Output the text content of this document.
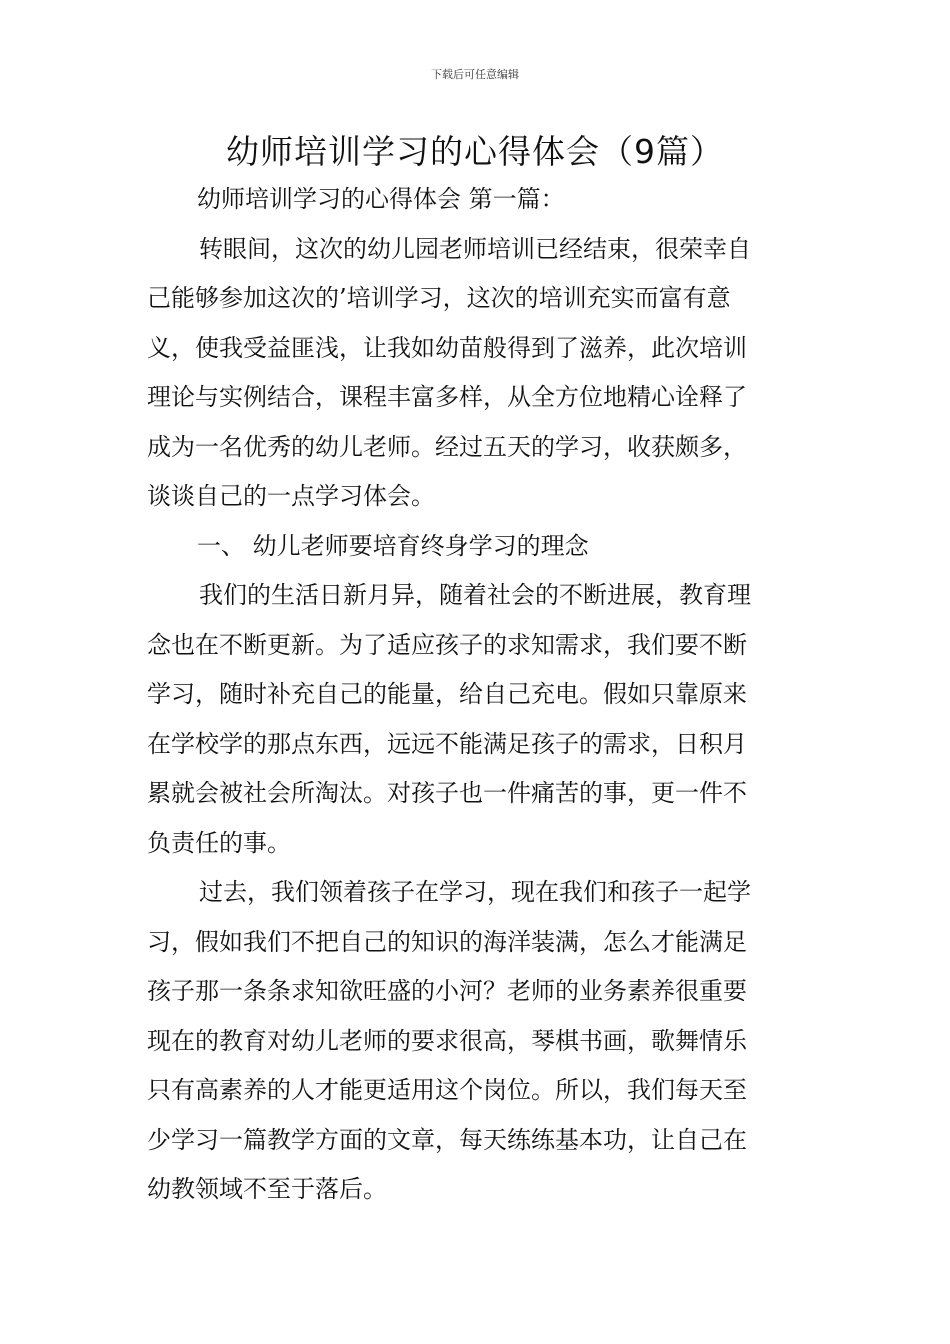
下载后可任意编辑
幼师培训学习的心得体会（9篇）
幼师培训学习的心得体会 第一篇：
转眼间，这次的幼儿园老师培训已经结束，很荣幸自
己能够参加这次的’培训学习，这次的培训充实而富有意
义，使我受益匪浅，让我如幼苗般得到了滋养，此次培训
理论与实例结合，课程丰富多样，从全方位地精心诠释了
成为一名优秀的幼儿老师。经过五天的学习，收获颇多，
谈谈自己的一点学习体会。
一、 幼儿老师要培育终身学习的理念
我们的生活日新月异，随着社会的不断进展，教育理
念也在不断更新。为了适应孩子的求知需求，我们要不断
学习，随时补充自己的能量，给自己充电。假如只靠原来
在学校学的那点东西，远远不能满足孩子的需求，日积月
累就会被社会所淘汰。对孩子也一件痛苦的事，更一件不
负责任的事。
过去，我们领着孩子在学习，现在我们和孩子一起学
习，假如我们不把自己的知识的海洋装满，怎么才能满足
孩子那一条条求知欲旺盛的小河？老师的业务素养很重要
现在的教育对幼儿老师的要求很高，琴棋书画，歌舞情乐
只有高素养的人才能更适用这个岗位。所以，我们每天至
少学习一篇教学方面的文章，每天练练基本功，让自己在
幼教领域不至于落后。
